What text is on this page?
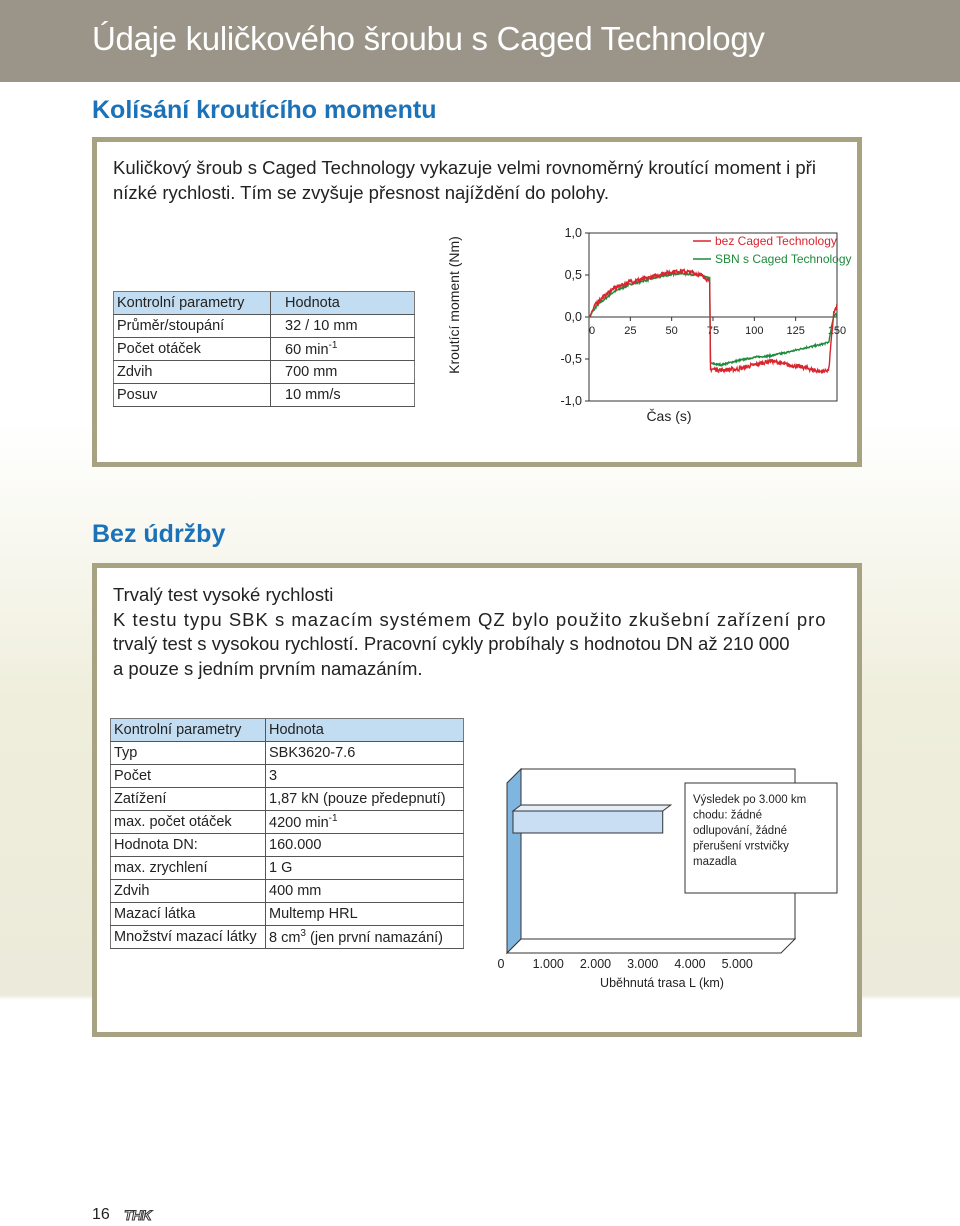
Údaje kuličkového šroubu s Caged Technology
Kolísání kroutícího momentu

Kuličkový šroub s Caged Technology vykazuje velmi rovnoměrný kroutící moment i při

nízké rychlosti. Tím se zvyšuje přesnost najíždění do polohy.

Kontrolní parametry	Hodnota
Průměr/stoupání	32 / 10 mm
Počet otáček	60 $\min^{-1}$
Zdvih	700 mm
Posuv	10 mm/s
Kroutící moment (Nm)
Čas (s)
1,0
0,5
0,0
-0,5
-1,0
0	25	50	75 100 125 150
bez Caged Technology
SBN s Caged Technology
Bez údržby

Trvalý test vysoké rychlosti

K testu typu SBK s mazacím systémem QZ bylo použito zkušební zařízení pro

trvalý test s vysokou rychlostí. Pracovní cykly probíhaly s hodnotou DN až 210 000

a pouze s jedním prvním namazáním.

Kontrolní parametry	Hodnota
Typ	SBK3620-7.6
Počet	3
Zatížení	1,87 kN (pouze předepnutí)
max. počet otáček	4200 $\min^{-1}$
Hodnota DN:	160.000
max. zrychlení	1 G
Zdvih	400 mm
Mazací látka	Multemp HRL
Množství mazací látky	8 $cm^3$ (jen první namazání)
0 1.000 2.000 3.000 4.000 5.000
Uběhnutá trasa L (km)
Výsledek po 3.000 km
chodu: žádné
odlupování, žádné
přerušení vrstvičky
mazadla
16 THK
